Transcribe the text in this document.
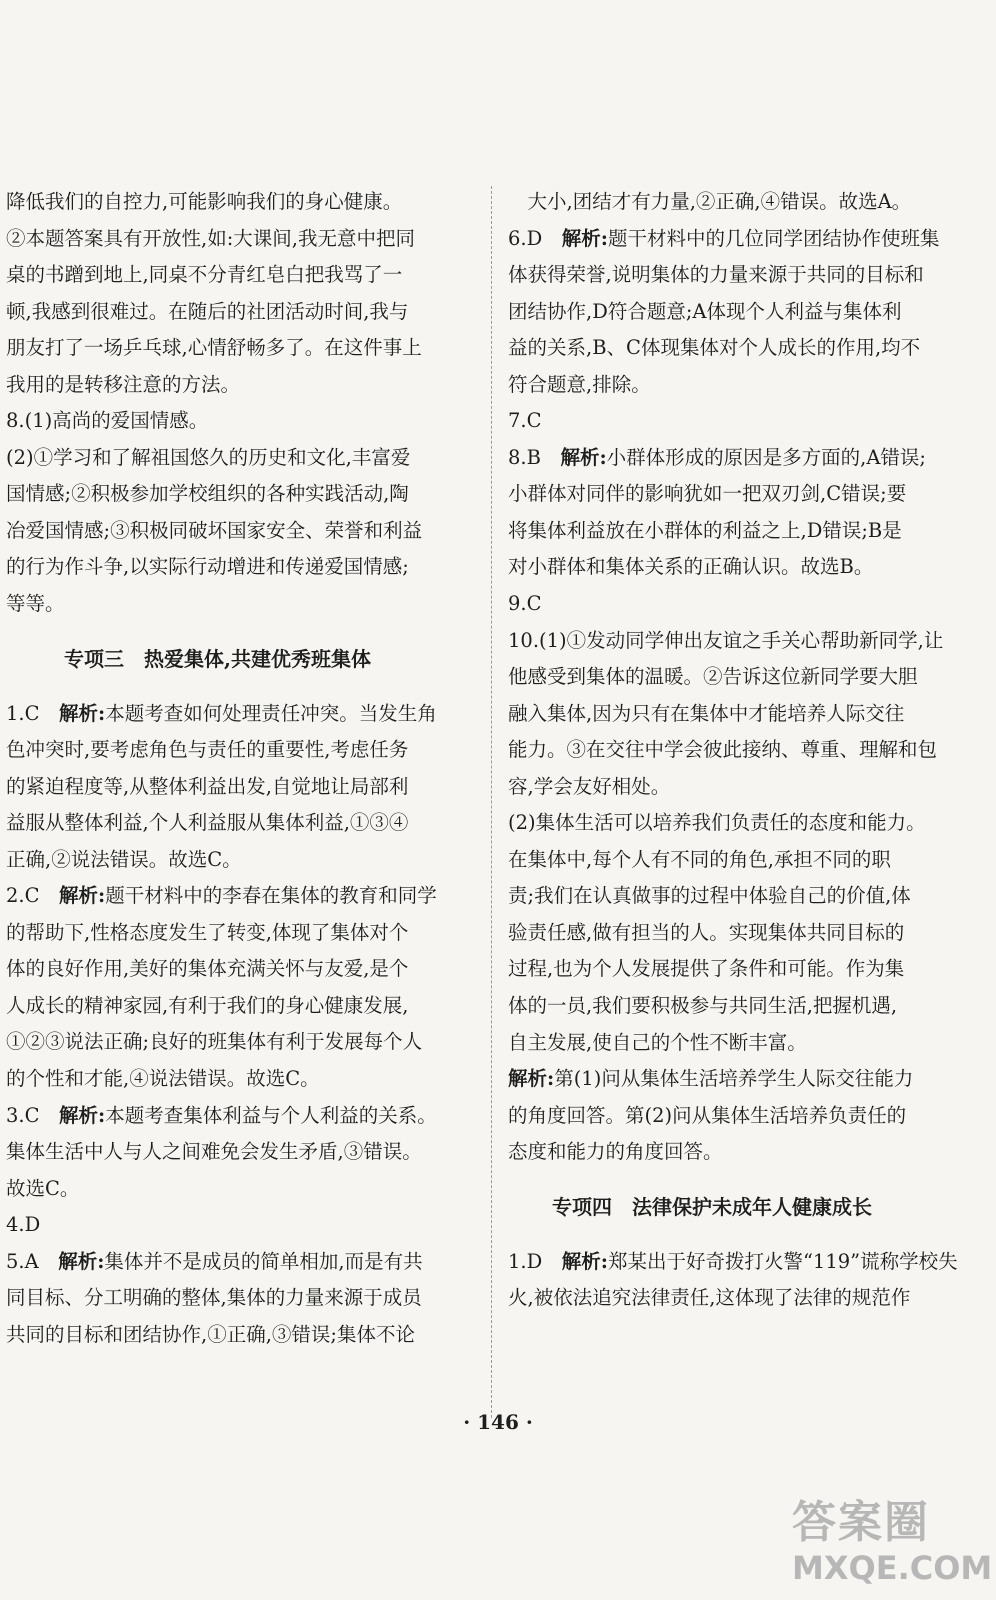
降低我们的自控力,可能影响我们的身心健康。
②本题答案具有开放性,如:大课间,我无意中把同
桌的书蹭到地上,同桌不分青红皂白把我骂了一
顿,我感到很难过。在随后的社团活动时间,我与
朋友打了一场乒乓球,心情舒畅多了。在这件事上
我用的是转移注意的方法。
8.(1)高尚的爱国情感。
(2)①学习和了解祖国悠久的历史和文化,丰富爱
国情感;②积极参加学校组织的各种实践活动,陶
冶爱国情感;③积极同破坏国家安全、荣誉和利益
的行为作斗争,以实际行动增进和传递爱国情感;
等等。
专项三　热爱集体,共建优秀班集体
1.C　解析:本题考查如何处理责任冲突。当发生角
色冲突时,要考虑角色与责任的重要性,考虑任务
的紧迫程度等,从整体利益出发,自觉地让局部利
益服从整体利益,个人利益服从集体利益,①③④
正确,②说法错误。故选C。
2.C　解析:题干材料中的李春在集体的教育和同学
的帮助下,性格态度发生了转变,体现了集体对个
体的良好作用,美好的集体充满关怀与友爱,是个
人成长的精神家园,有利于我们的身心健康发展,
①②③说法正确;良好的班集体有利于发展每个人
的个性和才能,④说法错误。故选C。
3.C　解析:本题考查集体利益与个人利益的关系。
集体生活中人与人之间难免会发生矛盾,③错误。
故选C。
4.D
5.A　解析:集体并不是成员的简单相加,而是有共
同目标、分工明确的整体,集体的力量来源于成员
共同的目标和团结协作,①正确,③错误;集体不论
　大小,团结才有力量,②正确,④错误。故选A。
6.D　解析:题干材料中的几位同学团结协作使班集
体获得荣誉,说明集体的力量来源于共同的目标和
团结协作,D符合题意;A体现个人利益与集体利
益的关系,B、C体现集体对个人成长的作用,均不
符合题意,排除。
7.C
8.B　解析:小群体形成的原因是多方面的,A错误;
小群体对同伴的影响犹如一把双刃剑,C错误;要
将集体利益放在小群体的利益之上,D错误;B是
对小群体和集体关系的正确认识。故选B。
9.C
10.(1)①发动同学伸出友谊之手关心帮助新同学,让
他感受到集体的温暖。②告诉这位新同学要大胆
融入集体,因为只有在集体中才能培养人际交往
能力。③在交往中学会彼此接纳、尊重、理解和包
容,学会友好相处。
(2)集体生活可以培养我们负责任的态度和能力。
在集体中,每个人有不同的角色,承担不同的职
责;我们在认真做事的过程中体验自己的价值,体
验责任感,做有担当的人。实现集体共同目标的
过程,也为个人发展提供了条件和可能。作为集
体的一员,我们要积极参与共同生活,把握机遇,
自主发展,使自己的个性不断丰富。
解析:第(1)问从集体生活培养学生人际交往能力
的角度回答。第(2)问从集体生活培养负责任的
态度和能力的角度回答。
专项四　法律保护未成年人健康成长
1.D　解析:郑某出于好奇拨打火警“119”谎称学校失
火,被依法追究法律责任,这体现了法律的规范作
· 146 ·
答案圈
MXQE.COM
